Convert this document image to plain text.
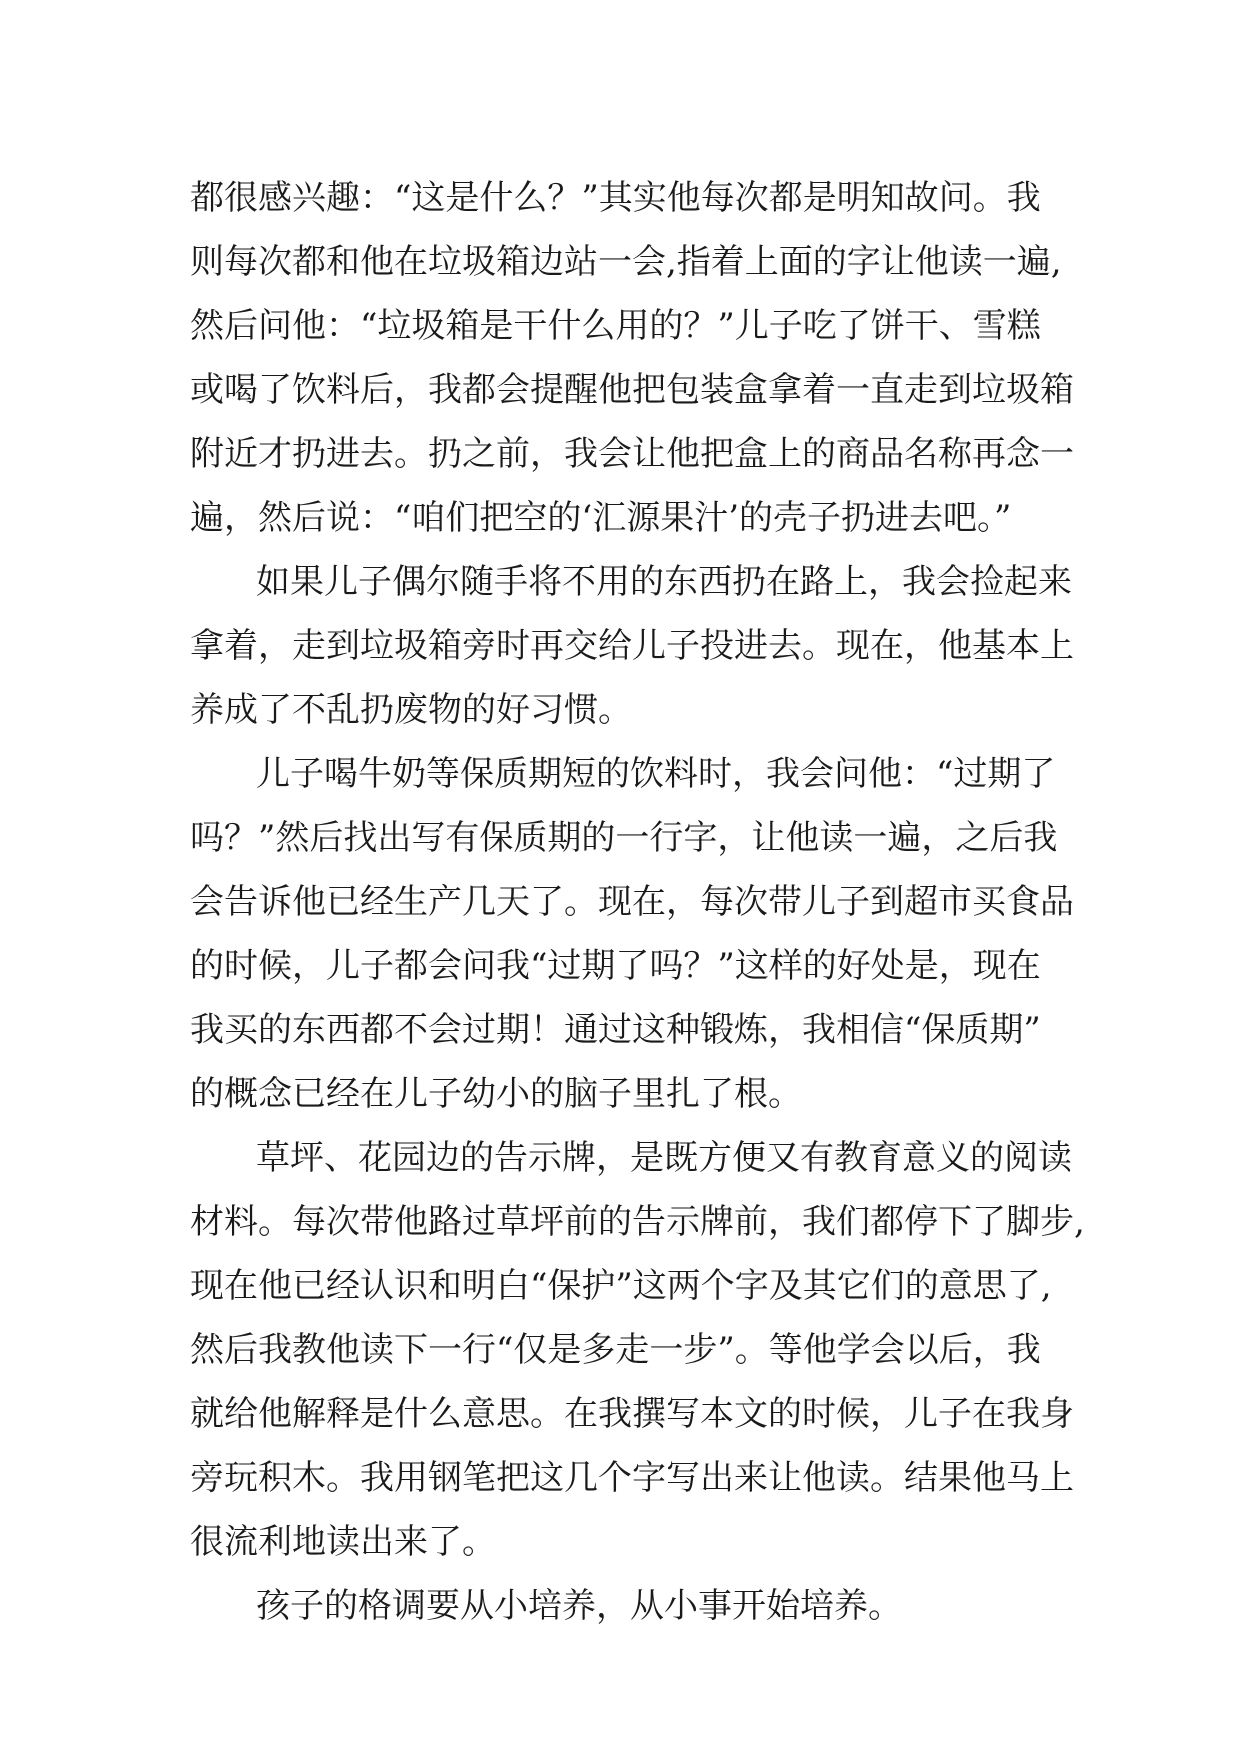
都很感兴趣：“这是什么？”其实他每次都是明知故问。我
则每次都和他在垃圾箱边站一会,指着上面的字让他读一遍,
然后问他：“垃圾箱是干什么用的？”儿子吃了饼干、雪糕
或喝了饮料后，我都会提醒他把包装盒拿着一直走到垃圾箱
附近才扔进去。扔之前，我会让他把盒上的商品名称再念一
遍，然后说：“咱们把空的‘汇源果汁’的壳子扔进去吧。”
如果儿子偶尔随手将不用的东西扔在路上，我会捡起来
拿着，走到垃圾箱旁时再交给儿子投进去。现在，他基本上
养成了不乱扔废物的好习惯。
儿子喝牛奶等保质期短的饮料时，我会问他：“过期了
吗？”然后找出写有保质期的一行字，让他读一遍，之后我
会告诉他已经生产几天了。现在，每次带儿子到超市买食品
的时候，儿子都会问我“过期了吗？”这样的好处是，现在
我买的东西都不会过期！通过这种锻炼，我相信“保质期”
的概念已经在儿子幼小的脑子里扎了根。
草坪、花园边的告示牌，是既方便又有教育意义的阅读
材料。每次带他路过草坪前的告示牌前，我们都停下了脚步,
现在他已经认识和明白“保护”这两个字及其它们的意思了,
然后我教他读下一行“仅是多走一步”。等他学会以后，我
就给他解释是什么意思。在我撰写本文的时候，儿子在我身
旁玩积木。我用钢笔把这几个字写出来让他读。结果他马上
很流利地读出来了。
孩子的格调要从小培养，从小事开始培养。
